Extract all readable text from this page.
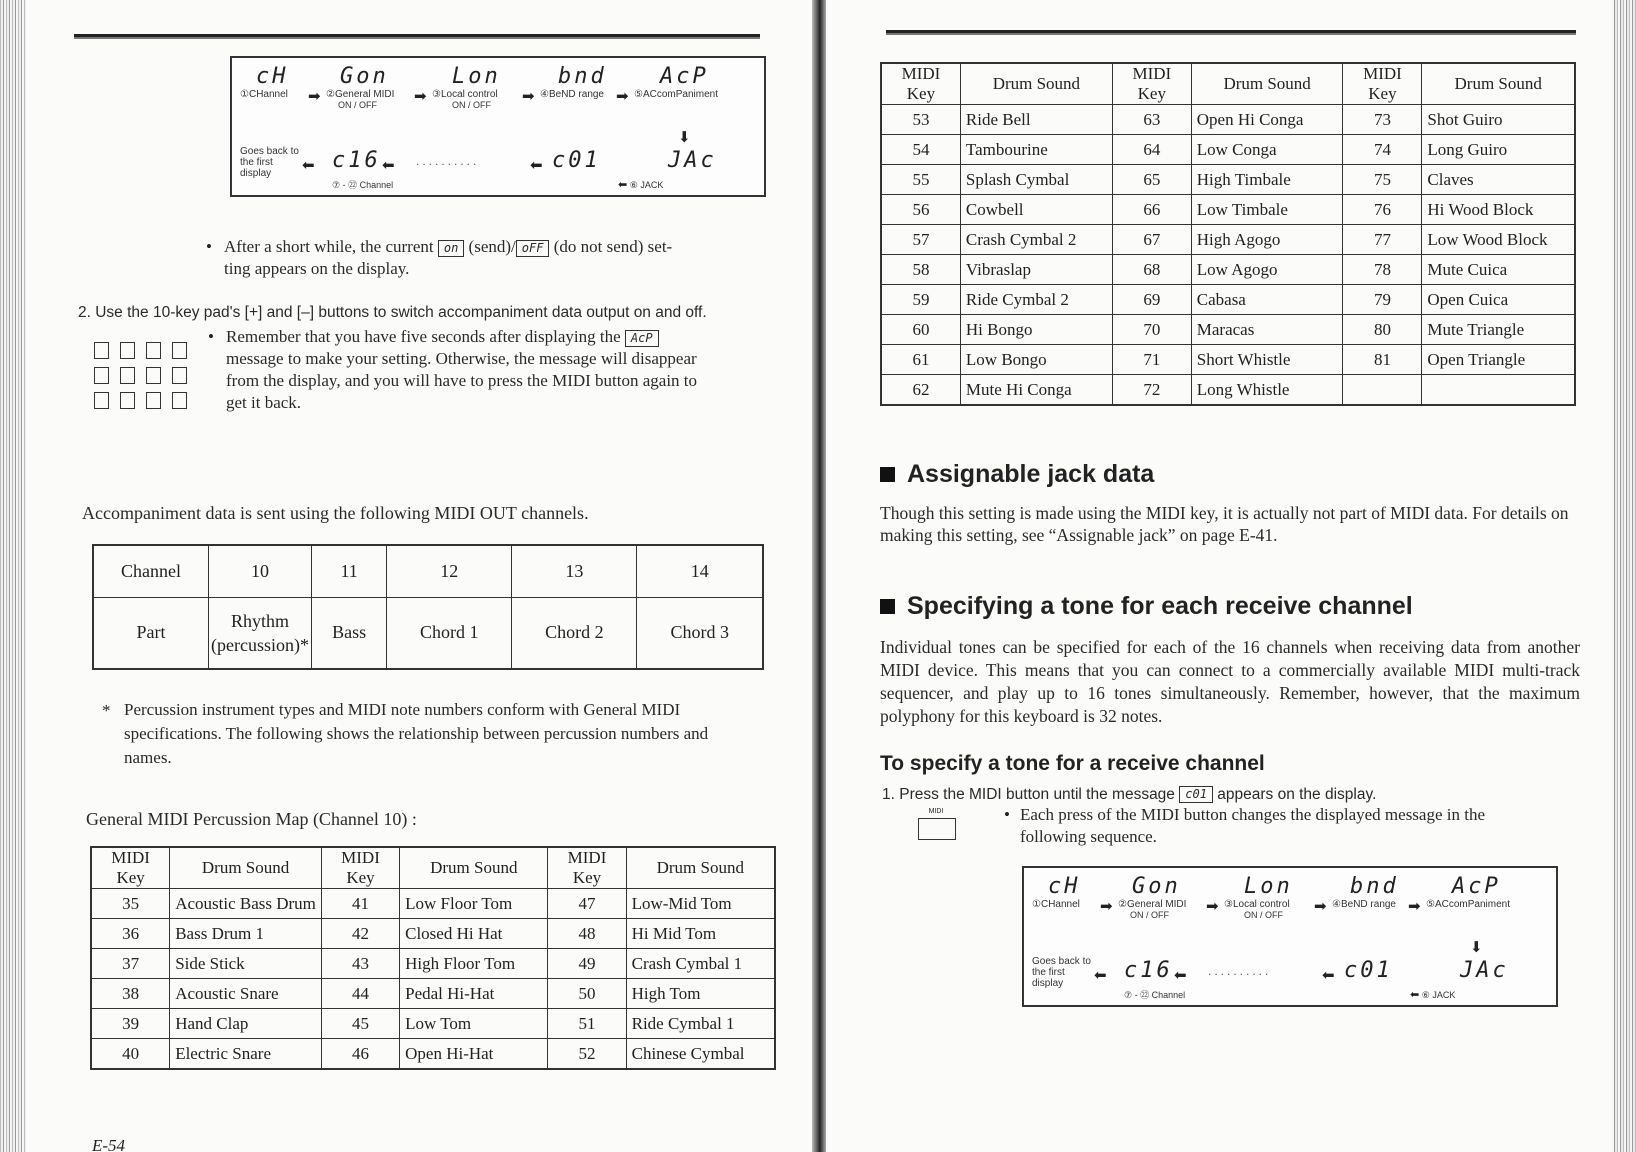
cH
①CHannel ➡
Gon
②General MIDI
ON / OFF	➡
Lon
③Local control
ON / OFF	➡
bnd
④BeND range ➡
AcP
⑤ACcomPaniment
⬇
Goes back to the first display	⬅ c16 ⬅ ..........	⬅ c01	JAc
⑦ - ㉒ Channel	⬅ ⑥ JACK
• After a short while, the current on (send)/ oFF (do not send) set-
ting appears on the display.
2. Use the 10-key pad's [+] and [–] buttons to switch accompaniment data output on and off.
• Remember that you have five seconds after displaying the AcP
message to make your setting. Otherwise, the message will disappear
from the display, and you will have to press the MIDI button again to
get it back.
Accompaniment data is sent using the following MIDI OUT channels.
Channel	10	11	12	13	14
Part	Rhythm (percussion)*	Bass	Chord 1	Chord 2	Chord 3
* Percussion instrument types and MIDI note numbers conform with General MIDI specifications. The following shows the relationship between percussion numbers and names.
General MIDI Percussion Map (Channel 10) :
MIDI Key	Drum Sound	MIDI Key	Drum Sound	MIDI Key	Drum Sound
35	Acoustic Bass Drum	41	Low Floor Tom	47	Low-Mid Tom
36	Bass Drum 1	42	Closed Hi Hat	48	Hi Mid Tom
37	Side Stick	43	High Floor Tom	49	Crash Cymbal 1
38	Acoustic Snare	44	Pedal Hi-Hat	50	High Tom
39	Hand Clap	45	Low Tom	51	Ride Cymbal 1
40	Electric Snare	46	Open Hi-Hat	52	Chinese Cymbal
E-54
MIDI Key	Drum Sound	MIDI Key	Drum Sound	MIDI Key	Drum Sound
53	Ride Bell	63	Open Hi Conga	73	Shot Guiro
54	Tambourine	64	Low Conga	74	Long Guiro
55	Splash Cymbal	65	High Timbale	75	Claves
56	Cowbell	66	Low Timbale	76	Hi Wood Block
57	Crash Cymbal 2	67	High Agogo	77	Low Wood Block
58	Vibraslap	68	Low Agogo	78	Mute Cuica
59	Ride Cymbal 2	69	Cabasa	79	Open Cuica
60	Hi Bongo	70	Maracas	80	Mute Triangle
61	Low Bongo	71	Short Whistle	81	Open Triangle
62	Mute Hi Conga	72	Long Whistle		
Assignable jack data
Though this setting is made using the MIDI key, it is actually not part of MIDI data. For details on making this setting, see “Assignable jack” on page E-41.
Specifying a tone for each receive channel
Individual tones can be specified for each of the 16 channels when receiving data from another MIDI device. This means that you can connect to a commercially available MIDI multi-track sequencer, and play up to 16 tones simultaneously. Remember, however, that the maximum polyphony for this keyboard is 32 notes.
To specify a tone for a receive channel
1. Press the MIDI button until the message c01 appears on the display.
MIDI	• Each press of the MIDI button changes the displayed message in the
following sequence.
cH
①CHannel ➡
Gon
②General MIDI
ON / OFF	➡
Lon
③Local control
ON / OFF	➡
bnd
④BeND range ➡
AcP
⑤ACcomPaniment
⬇
Goes back to the first display	⬅ c16 ⬅ ..........	⬅ c01	JAc
⑦ - ㉒ Channel	⬅ ⑥ JACK
